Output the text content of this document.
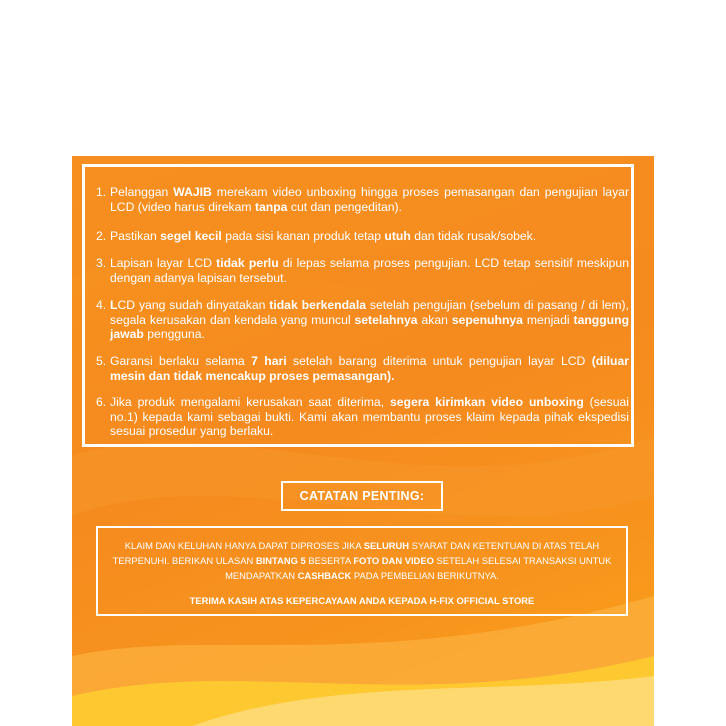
1. Pelanggan WAJIB merekam video unboxing hingga proses pemasangan dan pengujian layar LCD (video harus direkam tanpa cut dan pengeditan).
2. Pastikan segel kecil pada sisi kanan produk tetap utuh dan tidak rusak/sobek.
3. Lapisan layar LCD tidak perlu di lepas selama proses pengujian. LCD tetap sensitif meskipun dengan adanya lapisan tersebut.
4. LCD yang sudah dinyatakan tidak berkendala setelah pengujian (sebelum di pasang / di lem), segala kerusakan dan kendala yang muncul setelahnya akan sepenuhnya menjadi tanggung jawab pengguna.
5. Garansi berlaku selama 7 hari setelah barang diterima untuk pengujian layar LCD (diluar mesin dan tidak mencakup proses pemasangan).
6. Jika produk mengalami kerusakan saat diterima, segera kirimkan video unboxing (sesuai no.1) kepada kami sebagai bukti. Kami akan membantu proses klaim kepada pihak ekspedisi sesuai prosedur yang berlaku.
CATATAN PENTING:

KLAIM DAN KELUHAN HANYA DAPAT DIPROSES JIKA SELURUH SYARAT DAN KETENTUAN DI ATAS TELAH TERPENUHI. BERIKAN ULASAN BINTANG 5 BESERTA FOTO DAN VIDEO SETELAH SELESAI TRANSAKSI UNTUK MENDAPATKAN CASHBACK PADA PEMBELIAN BERIKUTNYA.

TERIMA KASIH ATAS KEPERCAYAAN ANDA KEPADA H-FIX OFFICIAL STORE
